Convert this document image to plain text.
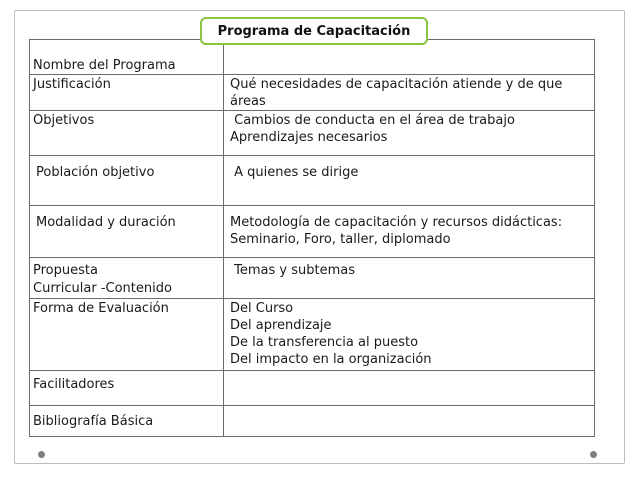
Programa de Capacitación
Nombre del Programa	
Justificación	Qué necesidades de capacitación atiende y de que
áreas

Objetivos	Cambios de conducta en el área de trabajo
Aprendizajes necesarios

Población objetivo	A quienes se dirige

Modalidad y duración	Metodología de capacitación y recursos didácticas:
Seminario, Foro, taller, diplomado

Propuesta
Curricular -Contenido	Temas y subtemas

Forma de Evaluación	Del Curso
Del aprendizaje
De la transferencia al puesto
Del impacto en la organización

Facilitadores	
Bibliografía Básica	
